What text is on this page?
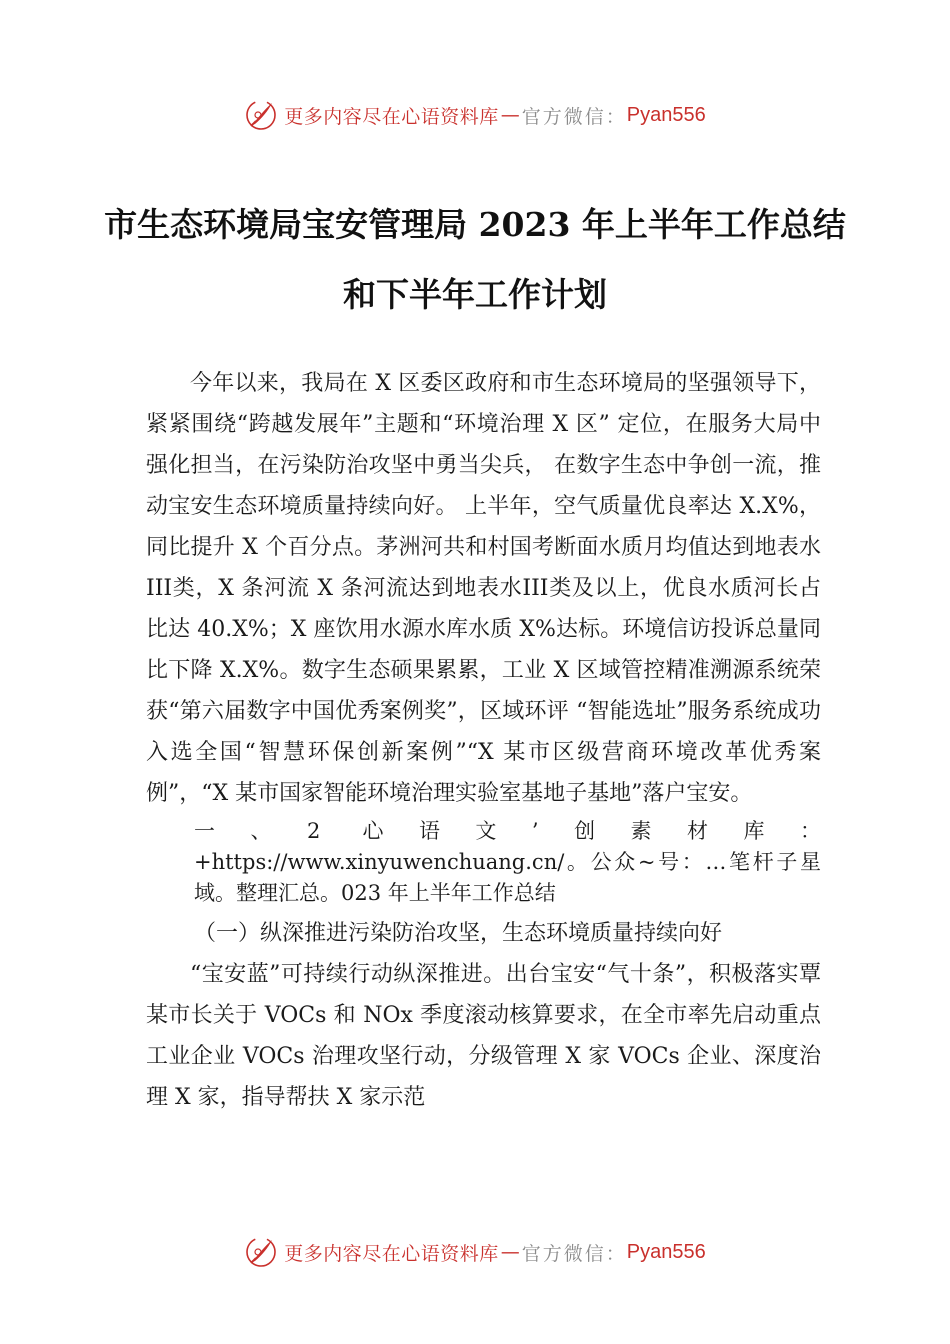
更多内容尽在心语资料库 — 官方微信： Pyan556
市生态环境局宝安管理局 2023 年上半年工作总结和下半年工作计划

今年以来，我局在 X 区委区政府和市生态环境局的坚强领导下，紧紧围绕“跨越发展年”主题和“环境治理 X 区” 定位，在服务大局中强化担当，在污染防治攻坚中勇当尖兵， 在数字生态中争创一流，推动宝安生态环境质量持续向好。 上半年，空气质量优良率达 X.X%，同比提升 X 个百分点。茅洲河共和村国考断面水质月均值达到地表水III类，X 条河流 X 条河流达到地表水III类及以上，优良水质河长占比达 40.X%；X 座饮用水源水库水质 X%达标。环境信访投诉总量同比下降 X.X%。数字生态硕果累累，工业 X 区域管控精准溯源系统荣获“第六届数字中国优秀案例奖”，区域环评 “智能选址”服务系统成功入选全国“智慧环保创新案例”“X 某市区级营商环境改革优秀案例”，“X 某市国家智能环境治理实验室基地子基地”落户宝安。

一、2 心语文’创素材库：+https://www.xinyuwenchuang.cn/。公众~号：…笔杆子星域。整理汇总。023 年上半年工作总结

（一）纵深推进污染防治攻坚，生态环境质量持续向好

“宝安蓝”可持续行动纵深推进。出台宝安“气十条”，积极落实覃某市长关于 VOCs 和 NOx 季度滚动核算要求，在全市率先启动重点工业企业 VOCs 治理攻坚行动，分级管理 X 家 VOCs 企业、深度治理 X 家，指导帮扶 X 家示范

更多内容尽在心语资料库 — 官方微信： Pyan556
